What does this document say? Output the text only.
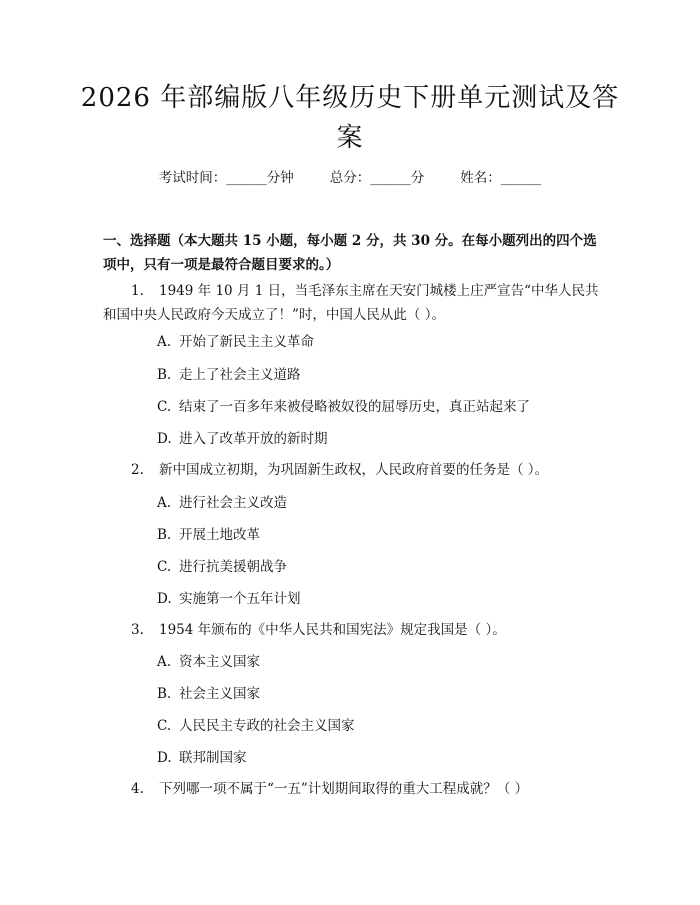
2026 年部编版八年级历史下册单元测试及答案
考试时间：______分钟	总分：______分	姓名：______

一、选择题（本大题共 15 小题，每小题 2 分，共 30 分。在每小题列出的四个选项中，只有一项是最符合题目要求的。）

1. 1949 年 10 月 1 日，当毛泽东主席在天安门城楼上庄严宣告“中华人民共和国中央人民政府今天成立了！”时，中国人民从此（ ）。

A. 开始了新民主主义革命

B. 走上了社会主义道路

C. 结束了一百多年来被侵略被奴役的屈辱历史，真正站起来了

D. 进入了改革开放的新时期

2. 新中国成立初期，为巩固新生政权，人民政府首要的任务是（ ）。

A. 进行社会主义改造

B. 开展土地改革

C. 进行抗美援朝战争

D. 实施第一个五年计划

3. 1954 年颁布的《中华人民共和国宪法》规定我国是（ ）。

A. 资本主义国家

B. 社会主义国家

C. 人民民主专政的社会主义国家

D. 联邦制国家

4. 下列哪一项不属于“一五”计划期间取得的重大工程成就？（ ）
